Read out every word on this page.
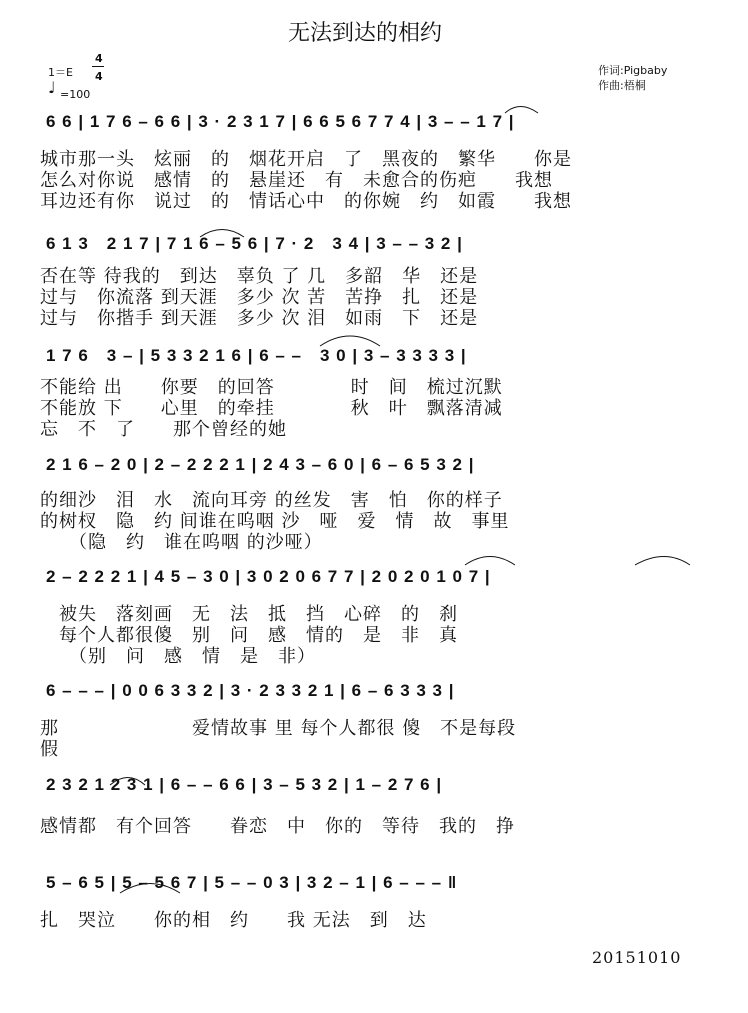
无法到达的相约
1＝E
4
4
♩ =100
作词:Pigbaby
作曲:梧桐
6 6 | 1 7 6 – 6 6 | 3 · 2 3 1 7 | 6 6 5 6 7 7 4 | 3 – – 1 7 |
城市那一头　炫丽　的　烟花开启　了　黑夜的　繁华　　你是
怎么对你说　感情　的　悬崖还　有　未愈合的伤疤　　我想
耳边还有你　说过　的　情话心中　的你婉　约　如霞　　我想
6 1 3　2 1 7 | 7 1 6 – 5 6 | 7 · 2　3 4 | 3 – – 3 2 |
否在等 待我的　到达　辜负 了 几　多韶　华　还是
过与　你流落 到天涯　多少 次 苦　苦挣　扎　还是
过与　你揩手 到天涯　多少 次 泪　如雨　下　还是
1 7 6　3 – | 5 3 3 2 1 6 | 6 – –　3 0 | 3 – 3 3 3 3 |
不能给 出　　你要　的回答　　　　时　间　梳过沉默
不能放 下　　心里　的牵挂　　　　秋　叶　飘落清减
忘　不　了　　那个曾经的她
2 1 6 – 2 0 | 2 – 2 2 2 1 | 2 4 3 – 6 0 | 6 – 6 5 3 2 |
的细沙　泪　水　流向耳旁 的丝发　害　怕　你的样子
的树杈　隐　约 间谁在呜咽 沙　哑　爱　情　故　事里
　　（隐　约　谁在呜咽 的沙哑）
2 – 2 2 2 1 | 4 5 – 3 0 | 3 0 2 0 6 7 7 | 2 0 2 0 1 0 7 |
　被失　落刻画　无　法　抵　挡　心碎　的　刹
　每个人都很傻　别　问　感　情的　是　非　真
　　（别　问　感　情　是　非）
6 – – – | 0 0 6 3 3 2 | 3 · 2 3 3 2 1 | 6 – 6 3 3 3 |
那　　　　　　　爱情故事 里 每个人都很 傻　不是每段
假
2 3 2 1 2 3 1 | 6 – – 6 6 | 3 – 5 3 2 | 1 – 2 7 6 |
感情都　有个回答　　眷恋　中　你的　等待　我的　挣
5 – 6 5 | 5 – 5 6 7 | 5 – – 0 3 | 3 2 – 1 | 6 – – – ‖
扎　哭泣　　你的相　约　　我 无法　到　达
20151010
